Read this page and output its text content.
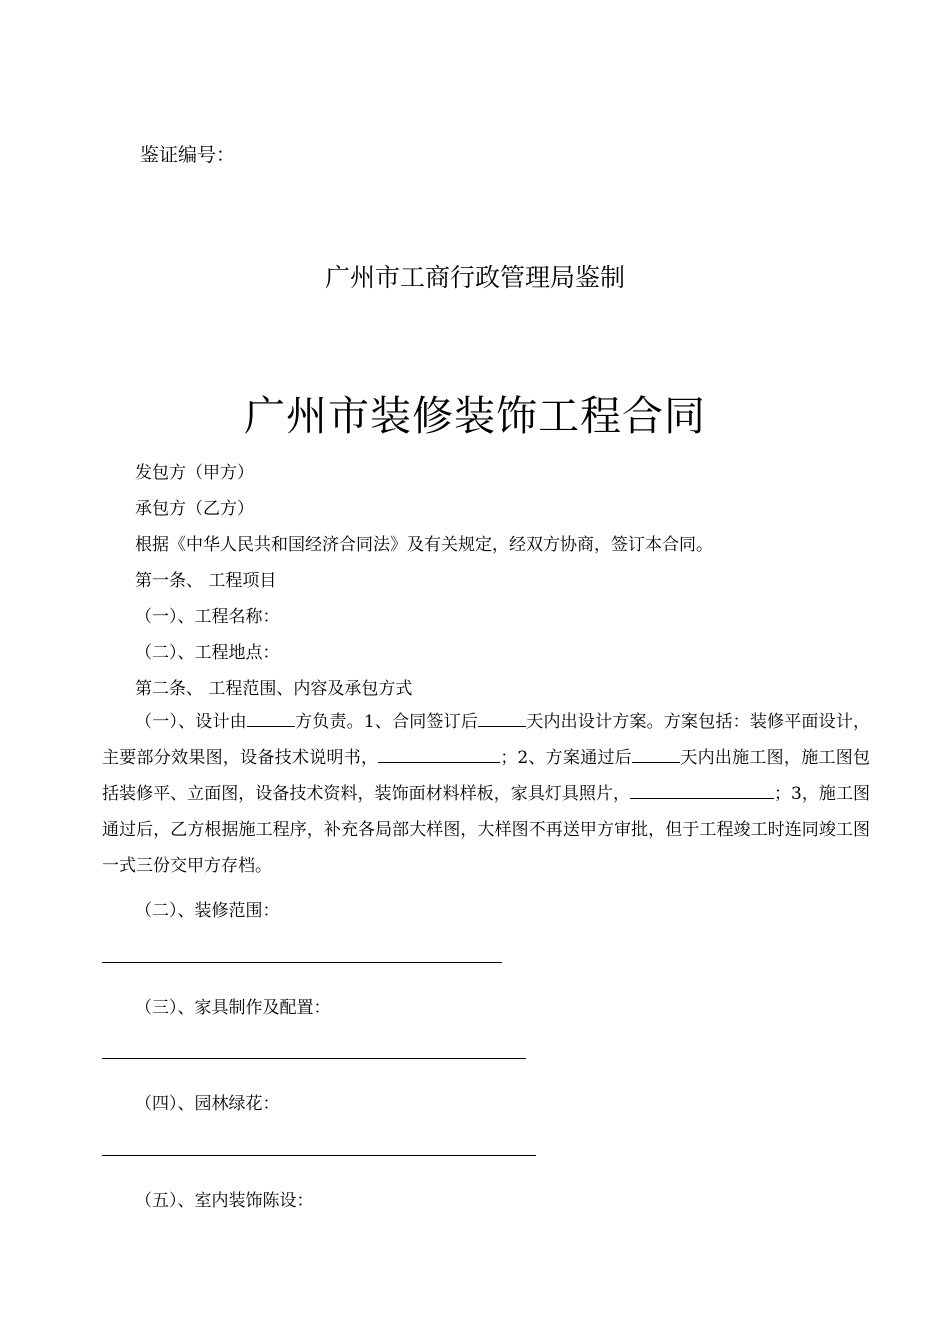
鉴证编号：
广州市工商行政管理局鉴制
广州市装修装饰工程合同
发包方（甲方）
承包方（乙方）
根据《中华人民共和国经济合同法》及有关规定，经双方协商，签订本合同。
第一条、 工程项目
（一）、工程名称：
（二）、工程地点：
第二条、 工程范围、内容及承包方式
（一）、设计由	方负责。1、合同签订后	天内出设计方案。方案包括：装修平面设计，主要部分效果图，设备技术说明书，	；2、方案通过后	天内出施工图，施工图包括装修平、立面图，设备技术资料，装饰面材料样板，家具灯具照片，	；3，施工图通过后，乙方根据施工程序，补充各局部大样图，大样图不再送甲方审批，但于工程竣工时连同竣工图一式三份交甲方存档。
（二）、装修范围：
（三）、家具制作及配置：
（四）、园林绿花：
（五）、室内装饰陈设：
